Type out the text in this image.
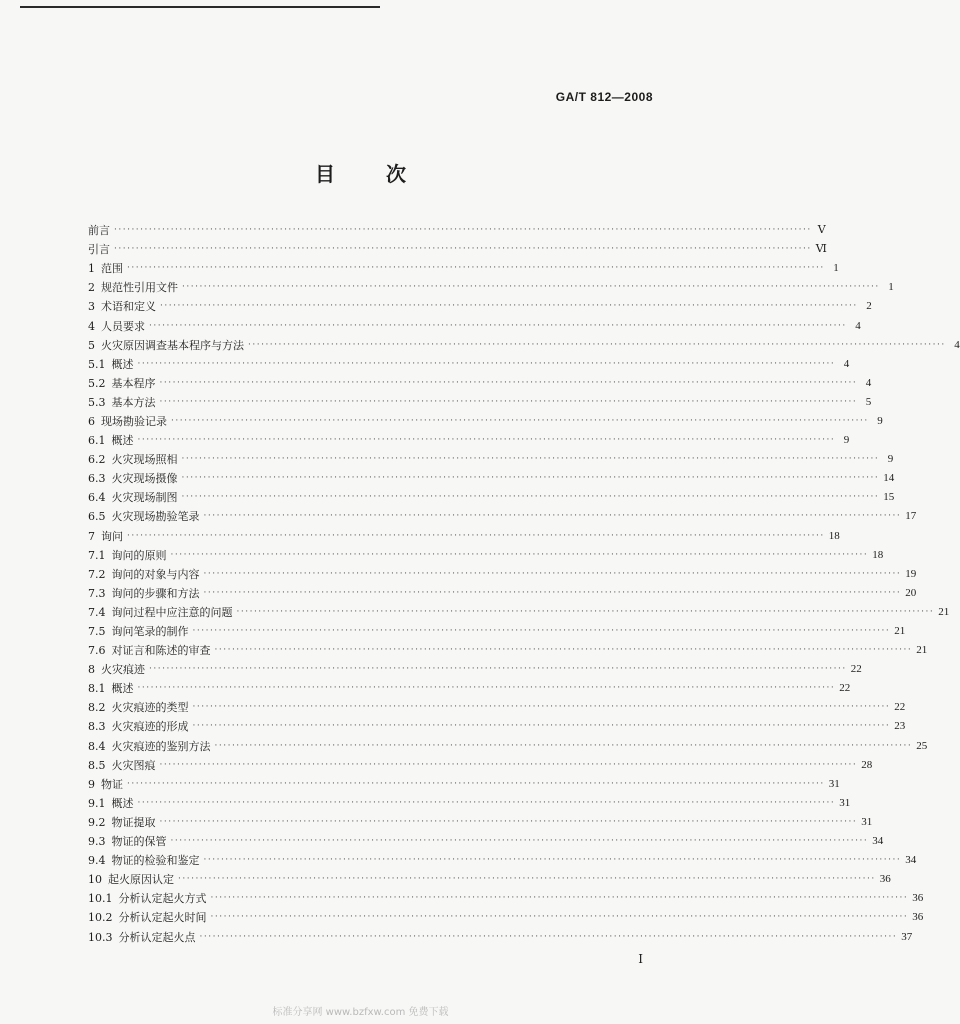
GA/T 812—2008
目	次
前言 ································································································································································ Ⅴ
引言 ································································································································································ Ⅵ
1 范围 ································································································································································ 1
2 规范性引用文件 ································································································································································ 1
3 术语和定义 ································································································································································ 2
4 人员要求 ································································································································································ 4
5 火灾原因调查基本程序与方法 ································································································································································ 4
5.1 概述 ································································································································································ 4
5.2 基本程序 ································································································································································ 4
5.3 基本方法 ································································································································································ 5
6 现场勘验记录 ································································································································································ 9
6.1 概述 ································································································································································ 9
6.2 火灾现场照相 ································································································································································ 9
6.3 火灾现场摄像 ································································································································································ 14
6.4 火灾现场制图 ································································································································································ 15
6.5 火灾现场勘验笔录 ································································································································································ 17
7 询问 ································································································································································ 18
7.1 询问的原则 ································································································································································ 18
7.2 询问的对象与内容 ································································································································································ 19
7.3 询问的步骤和方法 ································································································································································ 20
7.4 询问过程中应注意的问题 ································································································································································ 21
7.5 询问笔录的制作 ································································································································································ 21
7.6 对证言和陈述的审查 ································································································································································ 21
8 火灾痕迹 ································································································································································ 22
8.1 概述 ································································································································································ 22
8.2 火灾痕迹的类型 ································································································································································ 22
8.3 火灾痕迹的形成 ································································································································································ 23
8.4 火灾痕迹的鉴别方法 ································································································································································ 25
8.5 火灾图痕 ································································································································································ 28
9 物证 ································································································································································ 31
9.1 概述 ································································································································································ 31
9.2 物证提取 ································································································································································ 31
9.3 物证的保管 ································································································································································ 34
9.4 物证的检验和鉴定 ································································································································································ 34
10 起火原因认定 ································································································································································ 36
10.1 分析认定起火方式 ································································································································································ 36
10.2 分析认定起火时间 ································································································································································ 36
10.3 分析认定起火点 ································································································································································ 37
Ⅰ
标准分享网 www.bzfxw.com 免费下载
